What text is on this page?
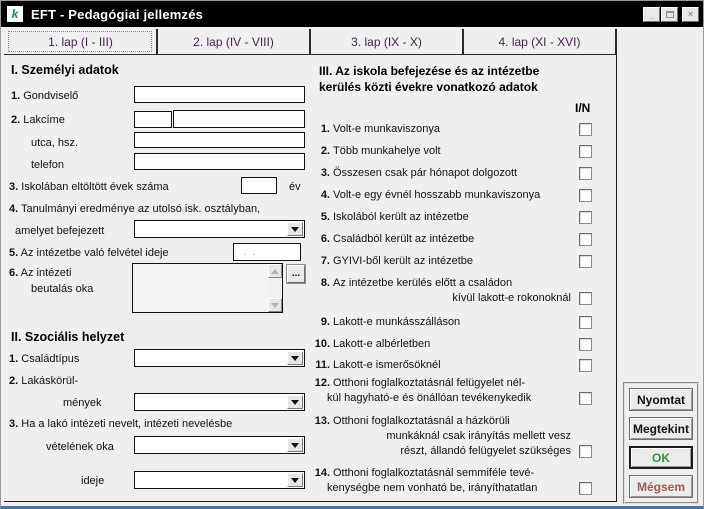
k EFT - Pedagógiai jellemzés	_	×
1. lap (I - III)	2. lap (IV - VIII)	3. lap (IX - X)	4. lap (XI - XVI)
I. Személyi adatok
1. Gondviselő
2. Lakcíme
utca, hsz.
telefon
3. Iskolában eltöltött évek száma	év
4. Tanulmányi eredménye az utolsó isk. osztályban,
amelyet befejezett
5. Az intézetbe való felvétel ideje
. .
6. Az intézeti
beutalás oka
...
II. Szociális helyzet
1. Családtípus
2. Lakáskörül-
mények
3. Ha a lakó intézeti nevelt, intézeti nevelésbe
vételének oka
ideje
III. Az iskola befejezése és az intézetbe
kerülés közti évekre vonatkozó adatok
I/N
1. Volt-e munkaviszonya
2. Több munkahelye volt
3. Összesen csak pár hónapot dolgozott
4. Volt-e egy évnél hosszabb munkaviszonya
5. Iskolából került az intézetbe
6. Családból került az intézetbe
7. GYIVI-ből került az intézetbe
8. Az intézetbe kerülés előtt a családon
kívül lakott-e rokonoknál
9. Lakott-e munkásszálláson
10. Lakott-e albérletben
11. Lakott-e ismerősöknél
12. Otthoni foglalkoztatásnál felügyelet nél-
kül hagyható-e és önállóan tevékenykedik
13. Otthoni foglalkoztatásnál a házkörüli
munkáknál csak irányítás mellett vesz
részt, állandó felügyelet szükséges
14. Otthoni foglalkoztatásnál semmiféle tevé-
kenységbe nem vonható be, irányíthatatlan
Nyomtat
Megtekint
OK
Mégsem
